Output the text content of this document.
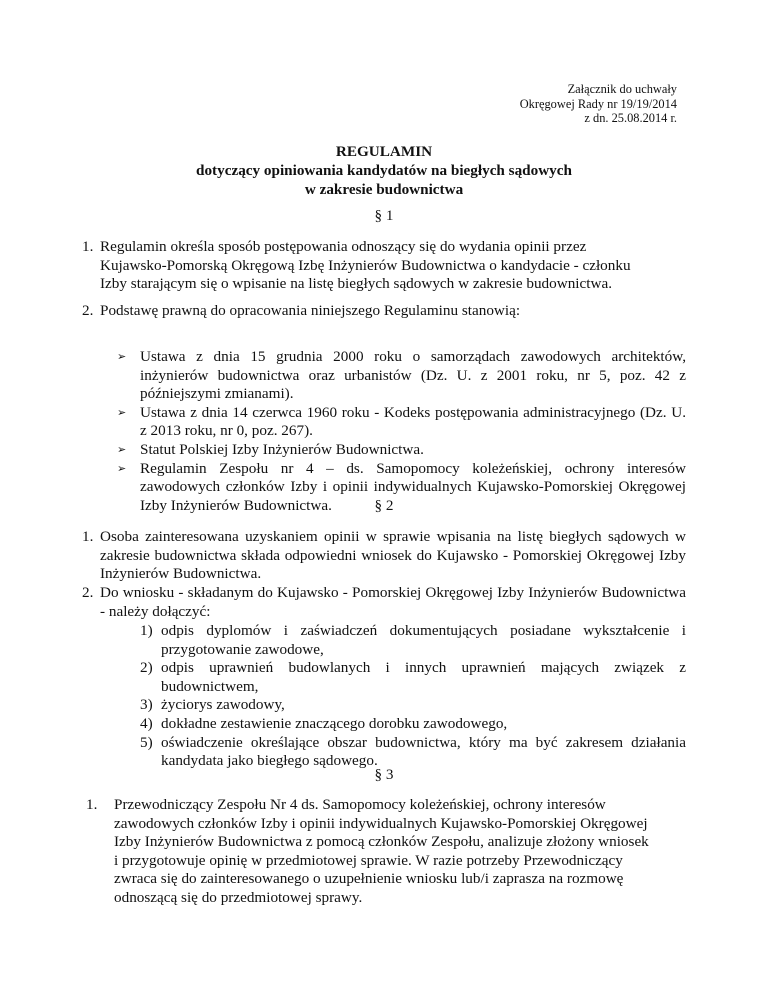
Załącznik do uchwały
Okręgowej Rady nr 19/19/2014
z dn. 25.08.2014 r.
REGULAMIN
dotyczący opiniowania kandydatów na biegłych sądowych
w zakresie budownictwa
§ 1
1. Regulamin określa sposób postępowania odnoszący się do wydania opinii przez Kujawsko-Pomorską Okręgową Izbę Inżynierów Budownictwa o kandydacie - członku Izby starającym się o wpisanie na listę biegłych sądowych w zakresie budownictwa.
2. Podstawę prawną do opracowania niniejszego Regulaminu stanowią:
➢ Ustawa z dnia 15 grudnia 2000 roku o samorządach zawodowych architektów, inżynierów budownictwa oraz urbanistów (Dz. U. z 2001 roku, nr 5, poz. 42 z późniejszymi zmianami).
➢ Ustawa z dnia 14 czerwca 1960 roku - Kodeks postępowania administracyjnego (Dz. U. z 2013 roku, nr 0, poz. 267).
➢ Statut Polskiej Izby Inżynierów Budownictwa.
➢ Regulamin Zespołu nr 4 – ds. Samopomocy koleżeńskiej, ochrony interesów zawodowych członków Izby i opinii indywidualnych Kujawsko-Pomorskiej Okręgowej Izby Inżynierów Budownictwa.	§ 2
1. Osoba zainteresowana uzyskaniem opinii w sprawie wpisania na listę biegłych sądowych w zakresie budownictwa składa odpowiedni wniosek do Kujawsko - Pomorskiej Okręgowej Izby Inżynierów Budownictwa.
2. Do wniosku - składanym do Kujawsko - Pomorskiej Okręgowej Izby Inżynierów Budownictwa - należy dołączyć:
1) odpis dyplomów i zaświadczeń dokumentujących posiadane wykształcenie i przygotowanie zawodowe,
2) odpis uprawnień budowlanych i innych uprawnień mających związek z budownictwem,
3) życiorys zawodowy,
4) dokładne zestawienie znaczącego dorobku zawodowego,
5) oświadczenie określające obszar budownictwa, który ma być zakresem działania kandydata jako biegłego sądowego.
§ 3
1. Przewodniczący Zespołu Nr 4 ds. Samopomocy koleżeńskiej, ochrony interesów
zawodowych członków Izby i opinii indywidualnych Kujawsko-Pomorskiej Okręgowej
Izby Inżynierów Budownictwa z pomocą członków Zespołu, analizuje złożony wniosek
i przygotowuje opinię w przedmiotowej sprawie. W razie potrzeby Przewodniczący
zwraca się do zainteresowanego o uzupełnienie wniosku lub/i zaprasza na rozmowę
odnoszącą się do przedmiotowej sprawy.
